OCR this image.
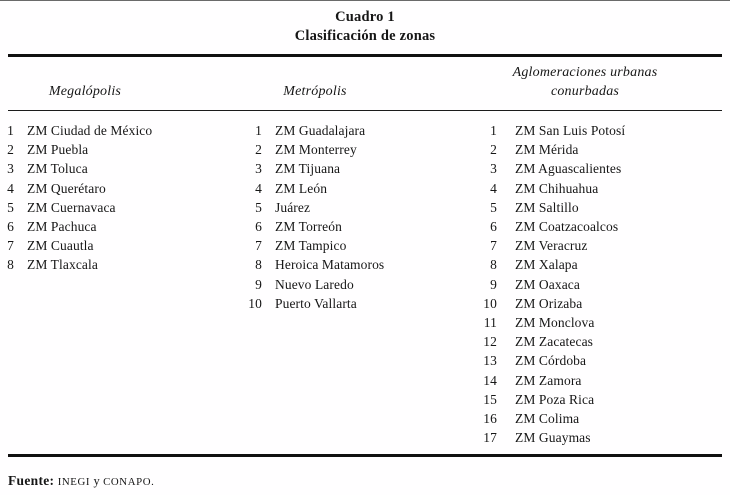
Cuadro 1
Clasificación de zonas
Megalópolis	Metrópolis
Aglomeraciones urbanas
conurbadas
1 ZM Ciudad de México
2 ZM Puebla
3 ZM Toluca
4 ZM Querétaro
5 ZM Cuernavaca
6 ZM Pachuca
7 ZM Cuautla
8 ZM Tlaxcala
1 ZM Guadalajara
2 ZM Monterrey
3 ZM Tijuana
4 ZM León
5 Juárez
6 ZM Torreón
7 ZM Tampico
8 Heroica Matamoros
9 Nuevo Laredo
10 Puerto Vallarta
1 ZM San Luis Potosí
2 ZM Mérida
3 ZM Aguascalientes
4 ZM Chihuahua
5 ZM Saltillo
6 ZM Coatzacoalcos
7 ZM Veracruz
8 ZM Xalapa
9 ZM Oaxaca
10 ZM Orizaba
11 ZM Monclova
12 ZM Zacatecas
13 ZM Córdoba
14 ZM Zamora
15 ZM Poza Rica
16 ZM Colima
17 ZM Guaymas
Fuente: INEGI y CONAPO.
